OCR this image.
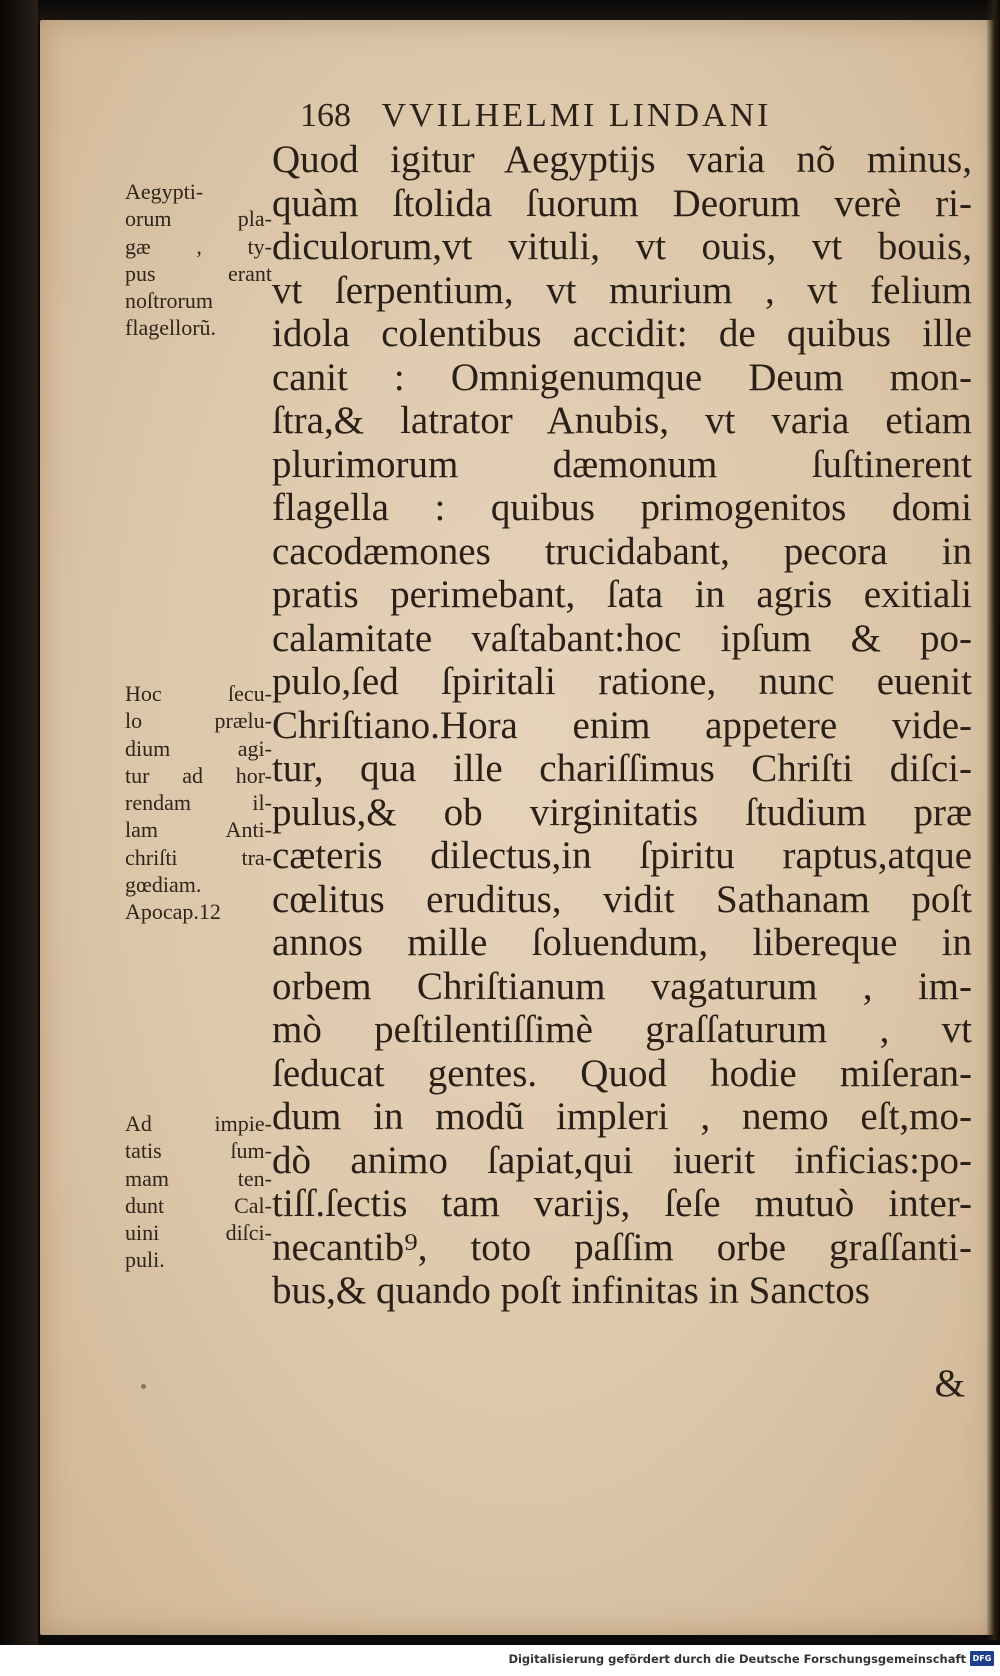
168 VVILHELMI LINDANI
Aegypti-
orum pla-
gæ , ty-
pus erant
noſtrorum
flagellorũ.
Hoc ſecu-
lo prælu-
dium agi-
tur ad hor-
rendam il-
lam Anti-
chriſti tra-
gœdiam.
Apocap.12
Ad impie-
tatis ſum-
mam ten-
dunt Cal-
uini diſci-
puli.
Quod igitur Aegyptijs varia nõ minus,
quàm ſtolida ſuorum Deorum verè ri-
diculorum,vt vituli, vt ouis, vt bouis,
vt ſerpentium, vt murium , vt felium
idola colentibus accidit: de quibus ille
canit : Omnigenumque Deum mon-
ſtra,& latrator Anubis, vt varia etiam
plurimorum dæmonum ſuſtinerent
flagella : quibus primogenitos domi
cacodæmones trucidabant, pecora in
pratis perimebant, ſata in agris exitiali
calamitate vaſtabant:hoc ipſum & po-
pulo,ſed ſpiritali ratione, nunc euenit
Chriſtiano.Hora enim appetere vide-
tur, qua ille chariſſimus Chriſti diſci-
pulus,& ob virginitatis ſtudium præ
cæteris dilectus,in ſpiritu raptus,atque
cœlitus eruditus, vidit Sathanam poſt
annos mille ſoluendum, libereque in
orbem Chriſtianum vagaturum , im-
mò peſtilentiſſimè graſſaturum , vt
ſeducat gentes. Quod hodie miſeran-
dum in modũ impleri , nemo eſt,mo-
dò animo ſapiat,qui iuerit inficias:po-
tiſſ.ſectis tam varijs, ſeſe mutuò inter-
necantib⁹, toto paſſim orbe graſſanti-
bus,& quando poſt infinitas in Sanctos
&
Digitalisierung gefördert durch die Deutsche Forschungsgemeinschaft DFG
